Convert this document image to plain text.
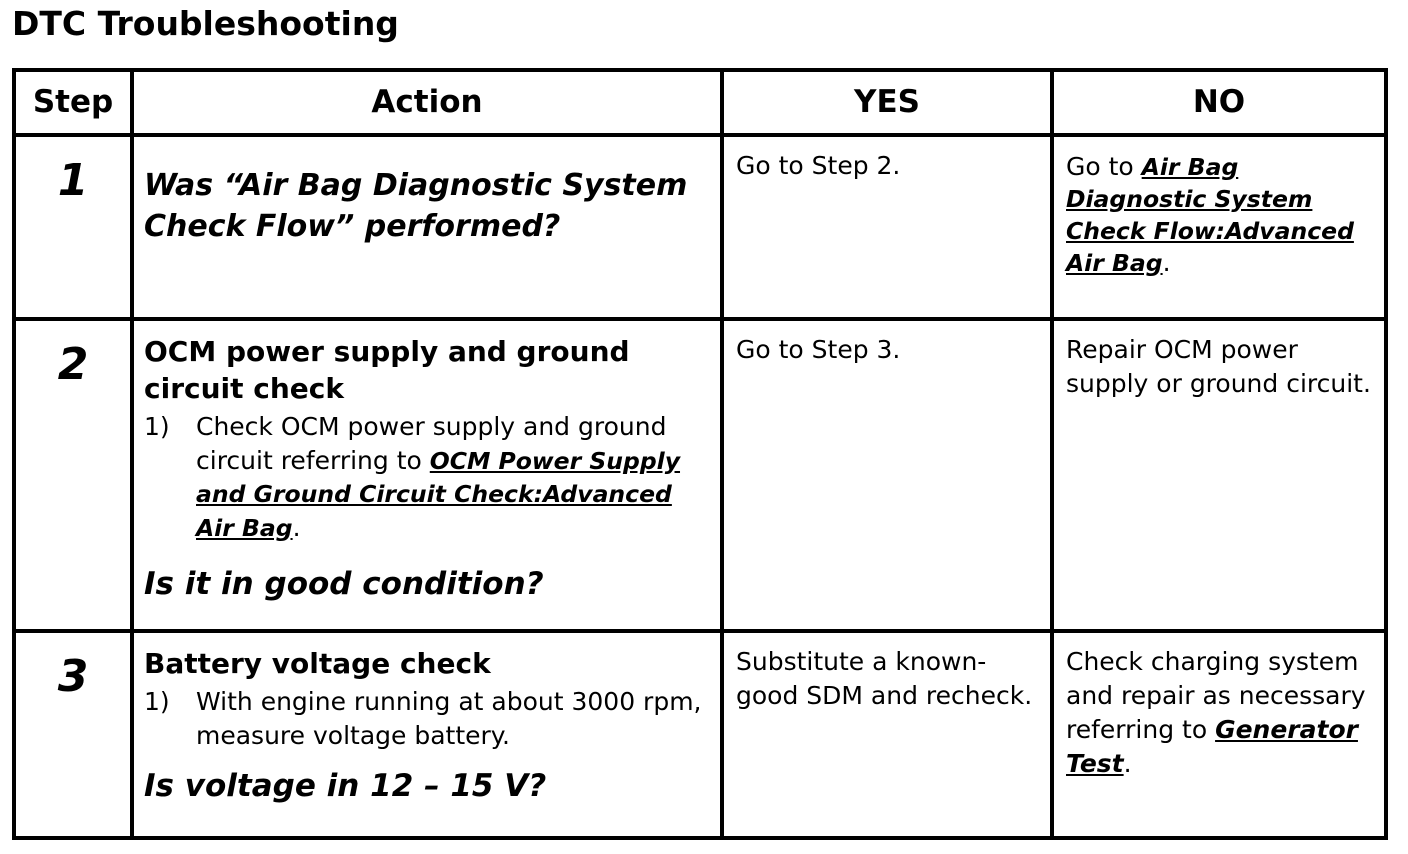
DTC Troubleshooting
Step	Action	YES	NO
1	Was “Air Bag Diagnostic System Check Flow” performed?	Go to Step 2.	Go to Air Bag Diagnostic System Check Flow:Advanced Air Bag.

2	OCM power supply and ground circuit check
1) Check OCM power supply and ground circuit referring to OCM Power Supply and Ground Circuit Check:Advanced Air Bag.
Is it in good condition?	Go to Step 3.	Repair OCM power supply or ground circuit.

3	Battery voltage check
1) With engine running at about 3000 rpm, measure voltage battery.
Is voltage in 12 – 15 V?	Substitute a known-good SDM and recheck.	Check charging system and repair as necessary referring to Generator Test.
